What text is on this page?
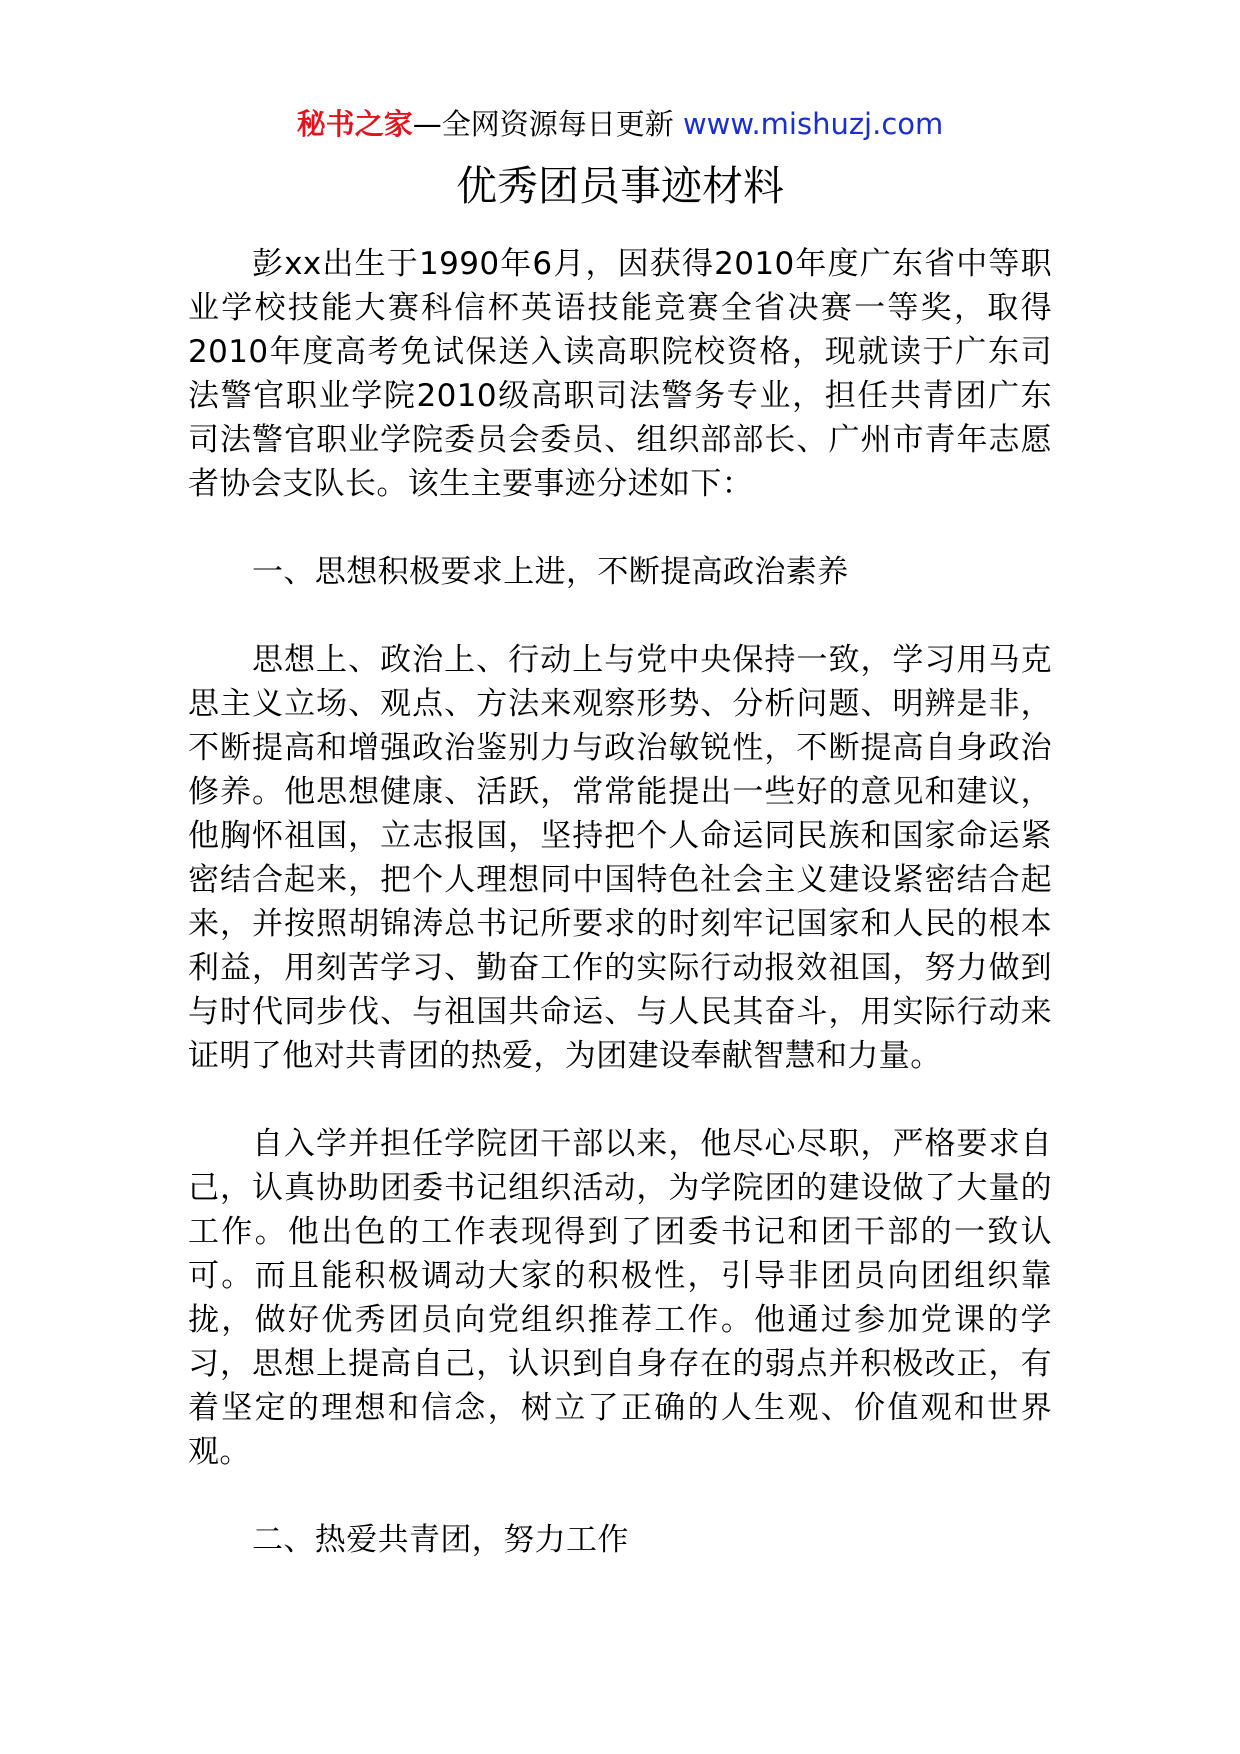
秘书之家—全网资源每日更新 www.mishuzj.com
优秀团员事迹材料

彭xx出生于1990年6月，因获得2010年度广东省中等职业学校技能大赛科信杯英语技能竞赛全省决赛一等奖，取得2010年度高考免试保送入读高职院校资格，现就读于广东司法警官职业学院2010级高职司法警务专业，担任共青团广东司法警官职业学院委员会委员、组织部部长、广州市青年志愿者协会支队长。该生主要事迹分述如下：

一、思想积极要求上进，不断提高政治素养

思想上、政治上、行动上与党中央保持一致，学习用马克思主义立场、观点、方法来观察形势、分析问题、明辨是非，不断提高和增强政治鉴别力与政治敏锐性，不断提高自身政治修养。他思想健康、活跃，常常能提出一些好的意见和建议，他胸怀祖国，立志报国，坚持把个人命运同民族和国家命运紧密结合起来，把个人理想同中国特色社会主义建设紧密结合起来，并按照胡锦涛总书记所要求的时刻牢记国家和人民的根本利益，用刻苦学习、勤奋工作的实际行动报效祖国，努力做到与时代同步伐、与祖国共命运、与人民其奋斗，用实际行动来证明了他对共青团的热爱，为团建设奉献智慧和力量。

自入学并担任学院团干部以来，他尽心尽职，严格要求自己，认真协助团委书记组织活动，为学院团的建设做了大量的工作。他出色的工作表现得到了团委书记和团干部的一致认可。而且能积极调动大家的积极性，引导非团员向团组织靠拢，做好优秀团员向党组织推荐工作。他通过参加党课的学习，思想上提高自己，认识到自身存在的弱点并积极改正，有着坚定的理想和信念，树立了正确的人生观、价值观和世界观。

二、热爱共青团，努力工作
